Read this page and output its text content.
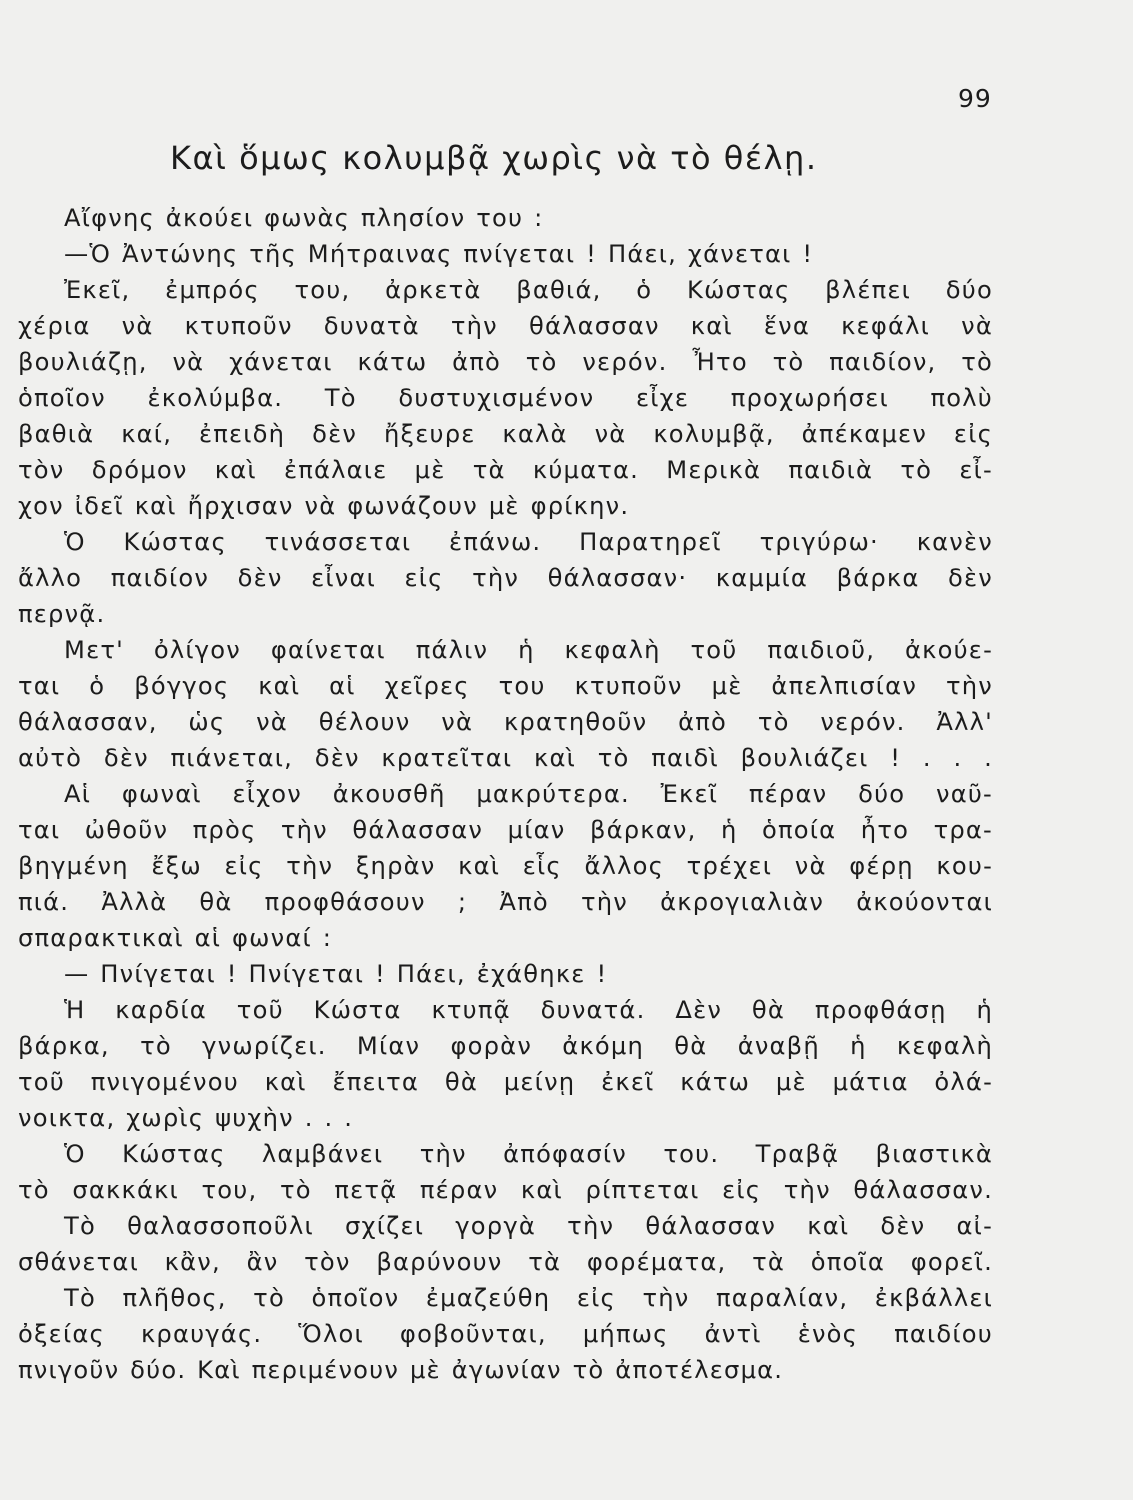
99
Καὶ ὅμως κολυμβᾷ χωρὶς νὰ τὸ θέλῃ.
Αἴφνης ἀκούει φωνὰς πλησίον του :
—Ὁ Ἀντώνης τῆς Μήτραινας πνίγεται ! Πάει, χάνεται !
Ἐκεῖ, ἐμπρός του, ἀρκετὰ βαθιά, ὁ Κώστας βλέπει δύο
χέρια νὰ κτυποῦν δυνατὰ τὴν θάλασσαν καὶ ἕνα κεφάλι νὰ
βουλιάζῃ, νὰ χάνεται κάτω ἀπὸ τὸ νερόν. Ἦτο τὸ παιδίον, τὸ
ὁποῖον ἐκολύμβα. Τὸ δυστυχισμένον εἶχε προχωρήσει πολὺ
βαθιὰ καί, ἐπειδὴ δὲν ἤξευρε καλὰ νὰ κολυμβᾷ, ἀπέκαμεν εἰς
τὸν δρόμον καὶ ἐπάλαιε μὲ τὰ κύματα. Μερικὰ παιδιὰ τὸ εἶ-
χον ἰδεῖ καὶ ἤρχισαν νὰ φωνάζουν μὲ φρίκην.
Ὁ Κώστας τινάσσεται ἐπάνω. Παρατηρεῖ τριγύρω· κανὲν
ἄλλο παιδίον δὲν εἶναι εἰς τὴν θάλασσαν· καμμία βάρκα δὲν
περνᾷ.
Μετ' ὀλίγον φαίνεται πάλιν ἡ κεφαλὴ τοῦ παιδιοῦ, ἀκούε-
ται ὁ βόγγος καὶ αἱ χεῖρες του κτυποῦν μὲ ἀπελπισίαν τὴν
θάλασσαν, ὡς νὰ θέλουν νὰ κρατηθοῦν ἀπὸ τὸ νερόν. Ἀλλ'
αὐτὸ δὲν πιάνεται, δὲν κρατεῖται καὶ τὸ παιδὶ βουλιάζει ! . . .
Αἱ φωναὶ εἶχον ἀκουσθῆ μακρύτερα. Ἐκεῖ πέραν δύο ναῦ-
ται ὠθοῦν πρὸς τὴν θάλασσαν μίαν βάρκαν, ἡ ὁποία ἦτο τρα-
βηγμένη ἔξω εἰς τὴν ξηρὰν καὶ εἷς ἄλλος τρέχει νὰ φέρῃ κου-
πιά. Ἀλλὰ θὰ προφθάσουν ; Ἀπὸ τὴν ἀκρογιαλιὰν ἀκούονται
σπαρακτικαὶ αἱ φωναί :
— Πνίγεται ! Πνίγεται ! Πάει, ἐχάθηκε !
Ἡ καρδία τοῦ Κώστα κτυπᾷ δυνατά. Δὲν θὰ προφθάσῃ ἡ
βάρκα, τὸ γνωρίζει. Μίαν φορὰν ἀκόμη θὰ ἀναβῇ ἡ κεφαλὴ
τοῦ πνιγομένου καὶ ἔπειτα θὰ μείνῃ ἐκεῖ κάτω μὲ μάτια ὀλά-
νοικτα, χωρὶς ψυχὴν . . .
Ὁ Κώστας λαμβάνει τὴν ἀπόφασίν του. Τραβᾷ βιαστικὰ
τὸ σακκάκι του, τὸ πετᾷ πέραν καὶ ρίπτεται εἰς τὴν θάλασσαν.
Τὸ θαλασσοποῦλι σχίζει γοργὰ τὴν θάλασσαν καὶ δὲν αἰ-
σθάνεται κἂν, ἂν τὸν βαρύνουν τὰ φορέματα, τὰ ὁποῖα φορεῖ.
Τὸ πλῆθος, τὸ ὁποῖον ἐμαζεύθη εἰς τὴν παραλίαν, ἐκβάλλει
ὀξείας κραυγάς. Ὅλοι φοβοῦνται, μήπως ἀντὶ ἑνὸς παιδίου
πνιγοῦν δύο. Καὶ περιμένουν μὲ ἀγωνίαν τὸ ἀποτέλεσμα.
